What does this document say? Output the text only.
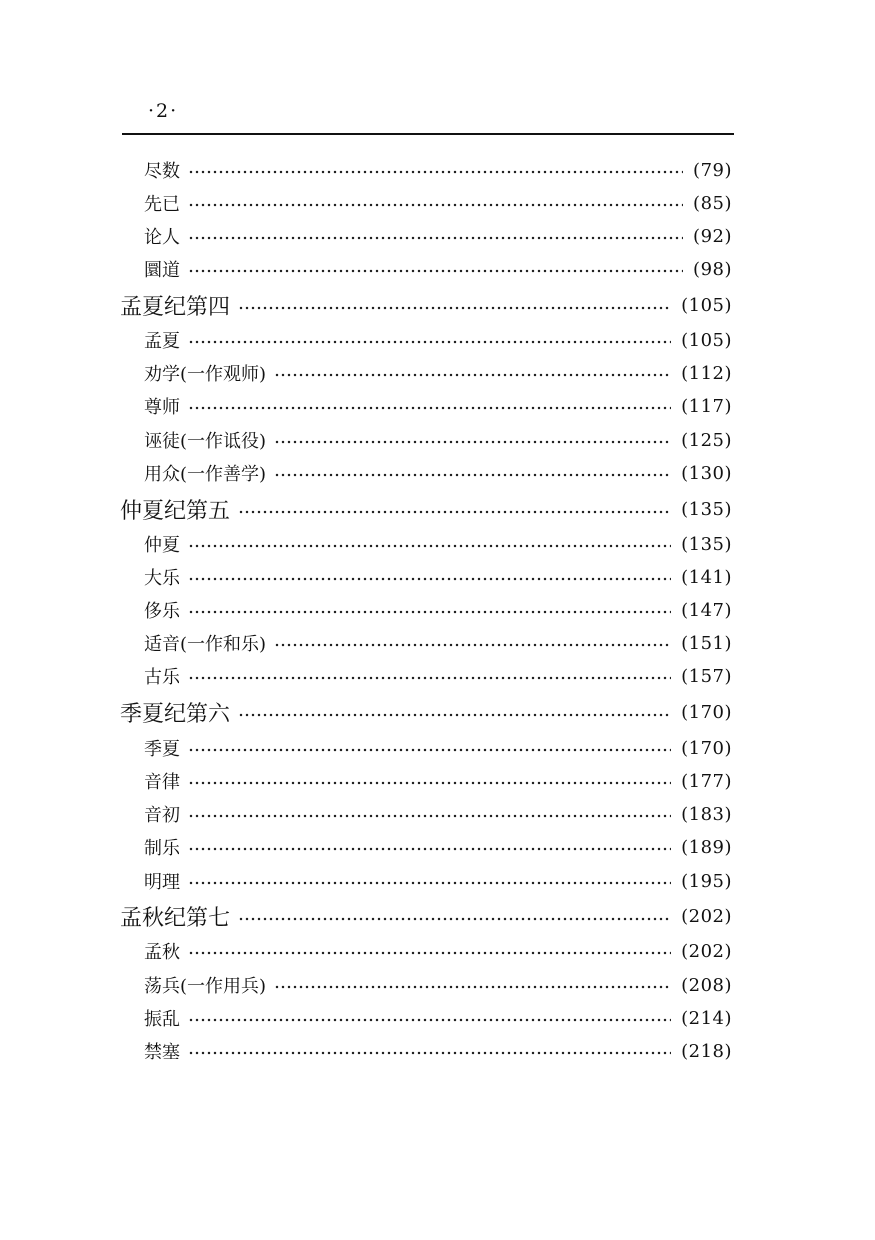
·2·
尽数	(79)
先已	(85)
论人	(92)
圜道	(98)
孟夏纪第四	(105)
孟夏	(105)
劝学(一作观师)	(112)
尊师	(117)
诬徒(一作诋役)	(125)
用众(一作善学)	(130)
仲夏纪第五	(135)
仲夏	(135)
大乐	(141)
侈乐	(147)
适音(一作和乐)	(151)
古乐	(157)
季夏纪第六	(170)
季夏	(170)
音律	(177)
音初	(183)
制乐	(189)
明理	(195)
孟秋纪第七	(202)
孟秋	(202)
荡兵(一作用兵)	(208)
振乱	(214)
禁塞	(218)
